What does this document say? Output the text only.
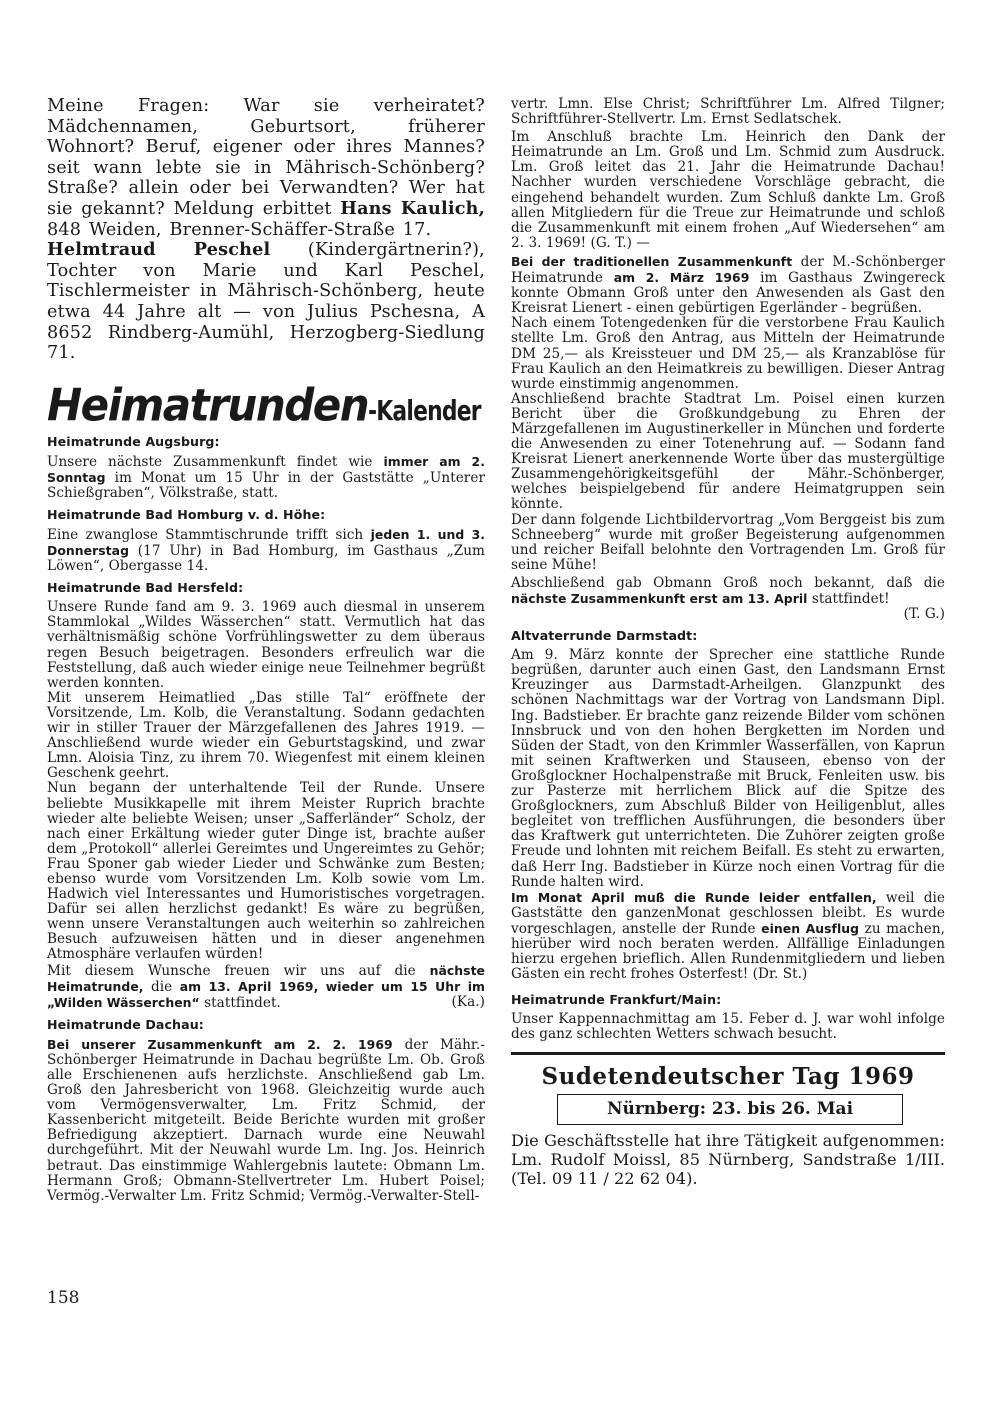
Meine Fragen: War sie verheiratet? Mädchennamen, Geburtsort, früherer Wohnort? Beruf, eigener oder ihres Mannes? seit wann lebte sie in Mährisch-Schönberg? Straße? allein oder bei Verwandten? Wer hat sie gekannt? Meldung erbittet Hans Kaulich, 848 Weiden, Brenner-Schäffer-Straße 17.

Helmtraud Peschel (Kindergärtnerin?), Tochter von Marie und Karl Peschel, Tischlermeister in Mährisch-Schönberg, heute etwa 44 Jahre alt — von Julius Pschesna, A 8652 Rindberg-Aumühl, Herzogberg-Siedlung 71.

Heimatrunden-Kalender
Heimatrunde Augsburg:

Unsere nächste Zusammenkunft findet wie immer am 2. Sonntag im Monat um 15 Uhr in der Gaststätte „Unterer Schießgraben“, Völkstraße, statt.

Heimatrunde Bad Homburg v. d. Höhe:

Eine zwanglose Stammtischrunde trifft sich jeden 1. und 3. Donnerstag (17 Uhr) in Bad Homburg, im Gasthaus „Zum Löwen“, Obergasse 14.

Heimatrunde Bad Hersfeld:

Unsere Runde fand am 9. 3. 1969 auch diesmal in unserem Stammlokal „Wildes Wässerchen“ statt. Vermutlich hat das verhältnismäßig schöne Vorfrühlingswetter zu dem überaus regen Besuch beigetragen. Besonders erfreulich war die Feststellung, daß auch wieder einige neue Teilnehmer begrüßt werden konnten.

Mit unserem Heimatlied „Das stille Tal“ eröffnete der Vorsitzende, Lm. Kolb, die Veranstaltung. Sodann gedachten wir in stiller Trauer der Märzgefallenen des Jahres 1919. — Anschließend wurde wieder ein Geburtstagskind, und zwar Lmn. Aloisia Tinz, zu ihrem 70. Wiegenfest mit einem kleinen Geschenk geehrt.

Nun begann der unterhaltende Teil der Runde. Unsere beliebte Musikkapelle mit ihrem Meister Ruprich brachte wieder alte beliebte Weisen; unser „Safferländer“ Scholz, der nach einer Erkältung wieder guter Dinge ist, brachte außer dem „Protokoll“ allerlei Gereimtes und Ungereimtes zu Gehör; Frau Sponer gab wieder Lieder und Schwänke zum Besten; ebenso wurde vom Vorsitzenden Lm. Kolb sowie vom Lm. Hadwich viel Interessantes und Humoristisches vorgetragen. Dafür sei allen herzlichst gedankt! Es wäre zu begrüßen, wenn unsere Veranstaltungen auch weiterhin so zahlreichen Besuch aufzuweisen hätten und in dieser angenehmen Atmosphäre verlaufen würden!

Mit diesem Wunsche freuen wir uns auf die nächste Heimatrunde, die am 13. April 1969, wieder um 15 Uhr im „Wilden Wässerchen“ stattfindet.	(Ka.)

Heimatrunde Dachau:

Bei unserer Zusammenkunft am 2. 2. 1969 der Mähr.-Schönberger Heimatrunde in Dachau begrüßte Lm. Ob. Groß alle Erschienenen aufs herzlichste. Anschließend gab Lm. Groß den Jahresbericht von 1968. Gleichzeitig wurde auch vom Vermögensverwalter, Lm. Fritz Schmid, der Kassenbericht mitgeteilt. Beide Berichte wurden mit großer Befriedigung akzeptiert. Darnach wurde eine Neuwahl durchgeführt. Mit der Neuwahl wurde Lm. Ing. Jos. Heinrich betraut. Das einstimmige Wahlergebnis lautete: Obmann Lm. Hermann Groß; Obmann-Stellvertreter Lm. Hubert Poisel; Vermög.-Verwalter Lm. Fritz Schmid; Vermög.-Verwalter-Stell-

vertr. Lmn. Else Christ; Schriftführer Lm. Alfred Tilgner; Schriftführer-Stellvertr. Lm. Ernst Sedlatschek.

Im Anschluß brachte Lm. Heinrich den Dank der Heimatrunde an Lm. Groß und Lm. Schmid zum Ausdruck. Lm. Groß leitet das 21. Jahr die Heimatrunde Dachau! Nachher wurden verschiedene Vorschläge gebracht, die eingehend behandelt wurden. Zum Schluß dankte Lm. Groß allen Mitgliedern für die Treue zur Heimatrunde und schloß die Zusammenkunft mit einem frohen „Auf Wiedersehen“ am 2. 3. 1969! (G. T.) —

Bei der traditionellen Zusammenkunft der M.-Schönberger Heimatrunde am 2. März 1969 im Gasthaus Zwingereck konnte Obmann Groß unter den Anwesenden als Gast den Kreisrat Lienert - einen gebürtigen Egerländer - begrüßen.

Nach einem Totengedenken für die verstorbene Frau Kaulich stellte Lm. Groß den Antrag, aus Mitteln der Heimatrunde DM 25,— als Kreissteuer und DM 25,— als Kranzablöse für Frau Kaulich an den Heimatkreis zu bewilligen. Dieser Antrag wurde einstimmig angenommen.

Anschließend brachte Stadtrat Lm. Poisel einen kurzen Bericht über die Großkundgebung zu Ehren der Märzgefallenen im Augustinerkeller in München und forderte die Anwesenden zu einer Totenehrung auf. — Sodann fand Kreisrat Lienert anerkennende Worte über das mustergültige Zusammengehörigkeitsgefühl der Mähr.-Schönberger, welches beispielgebend für andere Heimatgruppen sein könnte.

Der dann folgende Lichtbildervortrag „Vom Berggeist bis zum Schneeberg“ wurde mit großer Begeisterung aufgenommen und reicher Beifall belohnte den Vortragenden Lm. Groß für seine Mühe!

Abschließend gab Obmann Groß noch bekannt, daß die nächste Zusammenkunft erst am 13. April stattfindet!

(T. G.)

Altvaterrunde Darmstadt:

Am 9. März konnte der Sprecher eine stattliche Runde begrüßen, darunter auch einen Gast, den Landsmann Ernst Kreuzinger aus Darmstadt-Arheilgen. Glanzpunkt des schönen Nachmittags war der Vortrag von Landsmann Dipl. Ing. Badstieber. Er brachte ganz reizende Bilder vom schönen Innsbruck und von den hohen Bergketten im Norden und Süden der Stadt, von den Krimmler Wasserfällen, von Kaprun mit seinen Kraftwerken und Stauseen, ebenso von der Großglockner Hochalpenstraße mit Bruck, Fenleiten usw. bis zur Pasterze mit herrlichem Blick auf die Spitze des Großglockners, zum Abschluß Bilder von Heiligenblut, alles begleitet von trefflichen Ausführungen, die besonders über das Kraftwerk gut unterrichteten. Die Zuhörer zeigten große Freude und lohnten mit reichem Beifall. Es steht zu erwarten, daß Herr Ing. Badstieber in Kürze noch einen Vortrag für die Runde halten wird.

Im Monat April muß die Runde leider entfallen, weil die Gaststätte den ganzenMonat geschlossen bleibt. Es wurde vorgeschlagen, anstelle der Runde einen Ausflug zu machen, hierüber wird noch beraten werden. Allfällige Einladungen hierzu ergehen brieflich. Allen Rundenmitgliedern und lieben Gästen ein recht frohes Osterfest! (Dr. St.)

Heimatrunde Frankfurt/Main:

Unser Kappennachmittag am 15. Feber d. J. war wohl infolge des ganz schlechten Wetters schwach besucht.

Sudetendeutscher Tag 1969
Nürnberg: 23. bis 26. Mai

Die Geschäftsstelle hat ihre Tätigkeit aufgenommen: Lm. Rudolf Moissl, 85 Nürnberg, Sandstraße 1/III. (Tel. 09 11 / 22 62 04).

158
